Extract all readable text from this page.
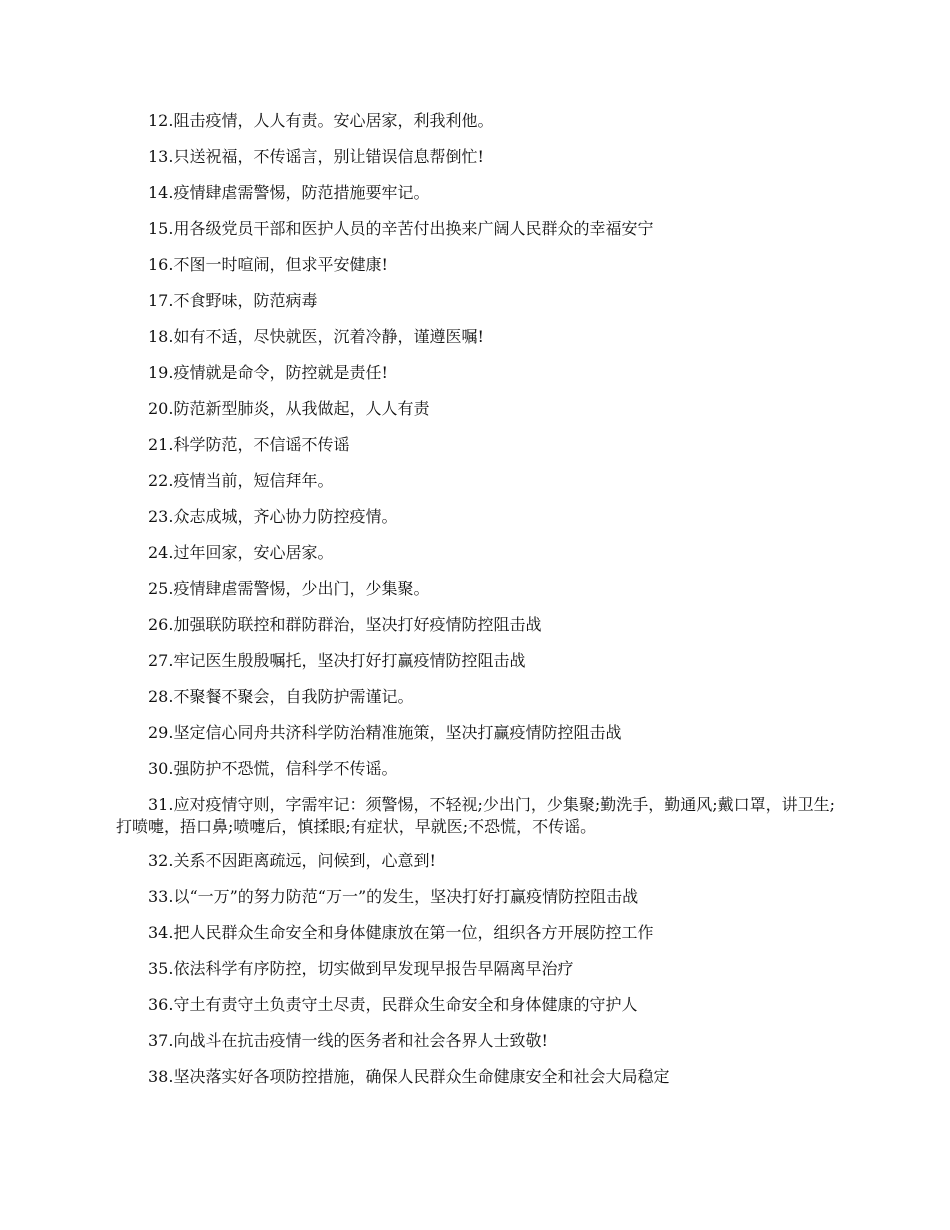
12.阻击疫情，人人有责。安心居家，利我利他。

13.只送祝福，不传谣言，别让错误信息帮倒忙!

14.疫情肆虐需警惕，防范措施要牢记。

15.用各级党员干部和医护人员的辛苦付出换来广阔人民群众的幸福安宁

16.不图一时喧闹，但求平安健康!

17.不食野味，防范病毒

18.如有不适，尽快就医，沉着冷静，谨遵医嘱!

19.疫情就是命令，防控就是责任!

20.防范新型肺炎，从我做起，人人有责

21.科学防范，不信谣不传谣

22.疫情当前，短信拜年。

23.众志成城，齐心协力防控疫情。

24.过年回家，安心居家。

25.疫情肆虐需警惕，少出门，少集聚。

26.加强联防联控和群防群治，坚决打好疫情防控阻击战

27.牢记医生殷殷嘱托，坚决打好打赢疫情防控阻击战

28.不聚餐不聚会，自我防护需谨记。

29.坚定信心同舟共济科学防治精准施策，坚决打赢疫情防控阻击战

30.强防护不恐慌，信科学不传谣。

31.应对疫情守则，字需牢记：须警惕，不轻视;少出门，少集聚;勤洗手，勤通风;戴口罩，讲卫生;打喷嚏，捂口鼻;喷嚏后，慎揉眼;有症状，早就医;不恐慌，不传谣。

32.关系不因距离疏远，问候到，心意到!

33.以“一万”的努力防范“万一”的发生，坚决打好打赢疫情防控阻击战

34.把人民群众生命安全和身体健康放在第一位，组织各方开展防控工作

35.依法科学有序防控，切实做到早发现早报告早隔离早治疗

36.守土有责守土负责守土尽责，民群众生命安全和身体健康的守护人

37.向战斗在抗击疫情一线的医务者和社会各界人士致敬!

38.坚决落实好各项防控措施，确保人民群众生命健康安全和社会大局稳定
